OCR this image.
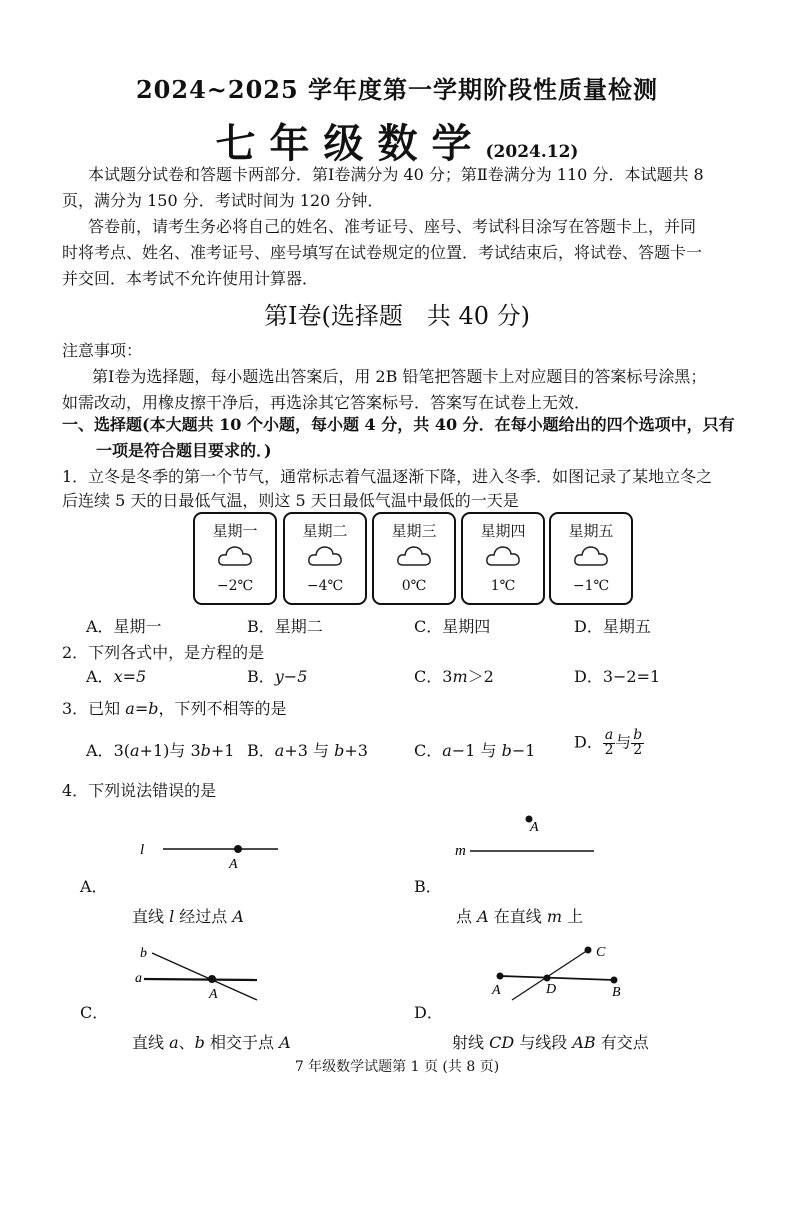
2024~2025 学年度第一学期阶段性质量检测
七年级数学(2024.12)
本试题分试卷和答题卡两部分．第Ⅰ卷满分为 40 分；第Ⅱ卷满分为 110 分．本试题共 8
页，满分为 150 分．考试时间为 120 分钟．
答卷前，请考生务必将自己的姓名、准考证号、座号、考试科目涂写在答题卡上，并同
时将考点、姓名、准考证号、座号填写在试卷规定的位置．考试结束后，将试卷、答题卡一
并交回．本考试不允许使用计算器．
第Ⅰ卷(选择题　共 40 分)
注意事项：
第Ⅰ卷为选择题，每小题选出答案后，用 2B 铅笔把答题卡上对应题目的答案标号涂黑；
如需改动，用橡皮擦干净后，再选涂其它答案标号．答案写在试卷上无效．
一、选择题(本大题共 10 个小题，每小题 4 分，共 40 分．在每小题给出的四个选项中，只有
一项是符合题目要求的．)
1．立冬是冬季的第一个节气，通常标志着气温逐渐下降，进入冬季．如图记录了某地立冬之
后连续 5 天的日最低气温，则这 5 天日最低气温中最低的一天是
星期一
−2℃
星期二
−4℃
星期三
0℃
星期四
1℃
星期五
−1℃
A．星期一	B．星期二	C．星期四	D．星期五
2．下列各式中，是方程的是
A．x=5	B．y−5	C．3m＞2	D．3−2=1
3．已知 a=b，下列不相等的是
A．3(a+1)与 3b+1 B．a+3 与 b+3	C．a−1 与 b−1 D．$\frac{a}{2}$ 与$\frac{b}{2}$
4．下列说法错误的是
l
A
A．
直线 l 经过点 A
A
m
B．
点 A 在直线 m 上
b
a
A
C．
直线 a、b 相交于点 A
A	D	B
C
D．
射线 CD 与线段 AB 有交点
7 年级数学试题第 1 页 (共 8 页)
